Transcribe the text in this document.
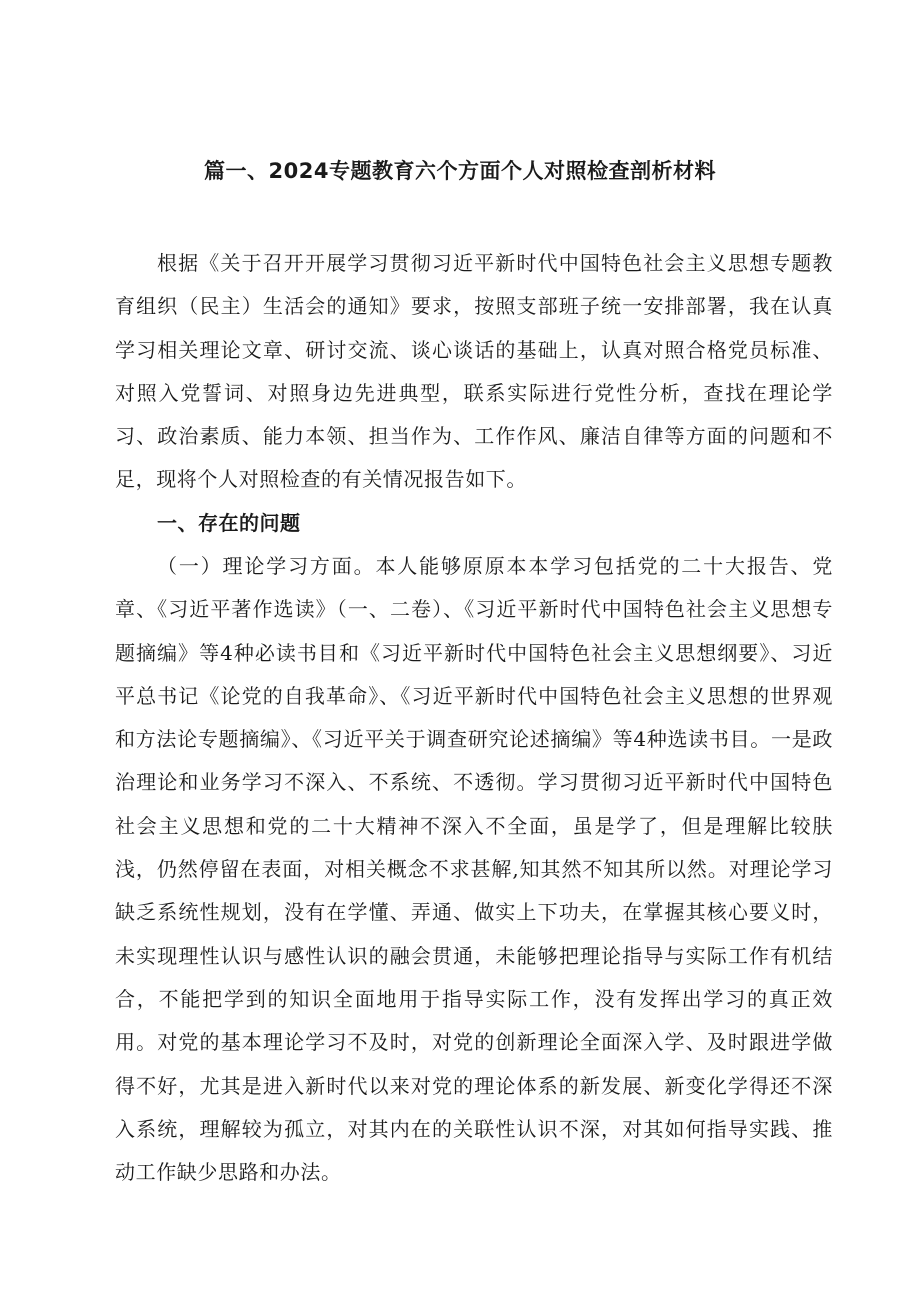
篇一、2024专题教育六个方面个人对照检查剖析材料

根据《关于召开开展学习贯彻习近平新时代中国特色社会主义思想专题教育组织（民主）生活会的通知》要求，按照支部班子统一安排部署，我在认真学习相关理论文章、研讨交流、谈心谈话的基础上，认真对照合格党员标准、对照入党誓词、对照身边先进典型，联系实际进行党性分析，查找在理论学习、政治素质、能力本领、担当作为、工作作风、廉洁自律等方面的问题和不足，现将个人对照检查的有关情况报告如下。

一、存在的问题

（一）理论学习方面。本人能够原原本本学习包括党的二十大报告、党章、《习近平著作选读》（一、二卷）、《习近平新时代中国特色社会主义思想专题摘编》等4种必读书目和《习近平新时代中国特色社会主义思想纲要》、习近平总书记《论党的自我革命》、《习近平新时代中国特色社会主义思想的世界观和方法论专题摘编》、《习近平关于调查研究论述摘编》等4种选读书目。一是政治理论和业务学习不深入、不系统、不透彻。学习贯彻习近平新时代中国特色社会主义思想和党的二十大精神不深入不全面，虽是学了，但是理解比较肤浅，仍然停留在表面，对相关概念不求甚解,知其然不知其所以然。对理论学习缺乏系统性规划，没有在学懂、弄通、做实上下功夫，在掌握其核心要义时，未实现理性认识与感性认识的融会贯通，未能够把理论指导与实际工作有机结合，不能把学到的知识全面地用于指导实际工作，没有发挥出学习的真正效用。对党的基本理论学习不及时，对党的创新理论全面深入学、及时跟进学做得不好，尤其是进入新时代以来对党的理论体系的新发展、新变化学得还不深入系统，理解较为孤立，对其内在的关联性认识不深，对其如何指导实践、推动工作缺少思路和办法。
